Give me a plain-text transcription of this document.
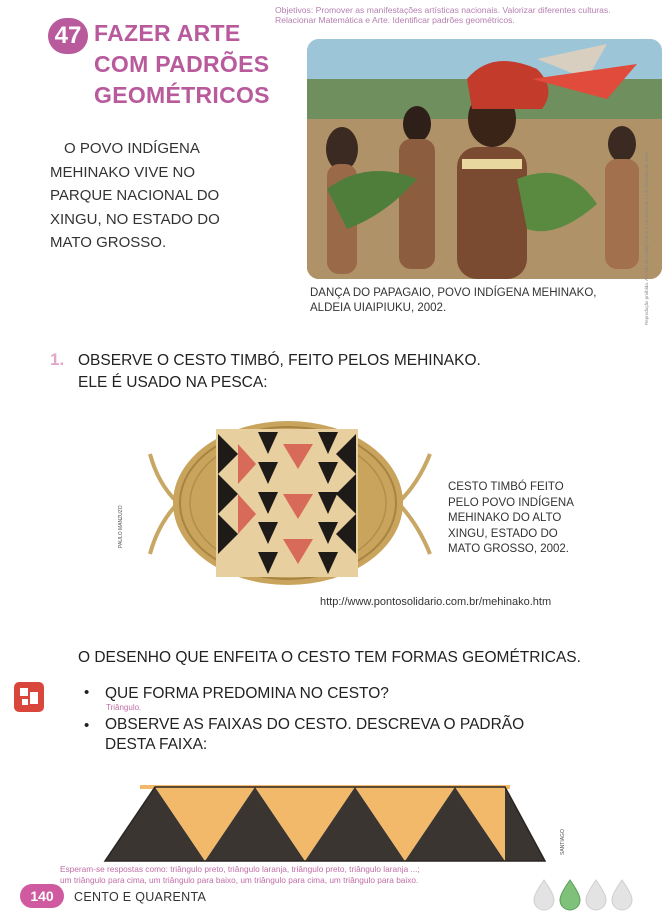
47 FAZER ARTE
COM PADRÕES
GEOMÉTRICOS
Objetivos: Promover as manifestações artísticas nacionais. Valorizar diferentes culturas.
Relacionar Matemática e Arte. Identificar padrões geométricos.
O POVO INDÍGENA
MEHINAKO VIVE NO
PARQUE NACIONAL DO
XINGU, NO ESTADO DO
MATO GROSSO.
DANÇA DO PAPAGAIO, POVO INDÍGENA MEHINAKO,
ALDEIA UIAIPIUKU, 2002.
1. OBSERVE O CESTO TIMBÓ, FEITO PELOS MEHINAKO.
ELE É USADO NA PESCA:
PAULO MANZUZO
CESTO TIMBÓ FEITO
PELO POVO INDÍGENA
MEHINAKO DO ALTO
XINGU, ESTADO DO
MATO GROSSO, 2002.
http://www.pontosolidario.com.br/mehinako.htm
O DESENHO QUE ENFEITA O CESTO TEM FORMAS GEOMÉTRICAS.
• QUE FORMA PREDOMINA NO CESTO?
Triângulo.
• OBSERVE AS FAIXAS DO CESTO. DESCREVA O PADRÃO
DESTA FAIXA:
SANTIAGO
Esperam-se respostas como: triângulo preto, triângulo laranja, triângulo preto, triângulo laranja ...;
um triângulo para cima, um triângulo para baixo, um triângulo para cima, um triângulo para baixo.
140	CENTO E QUARENTA
Reprodução proibida. Art. 184 do Código Penal e Lei 9.610 de 19 de fevereiro de 1998.
